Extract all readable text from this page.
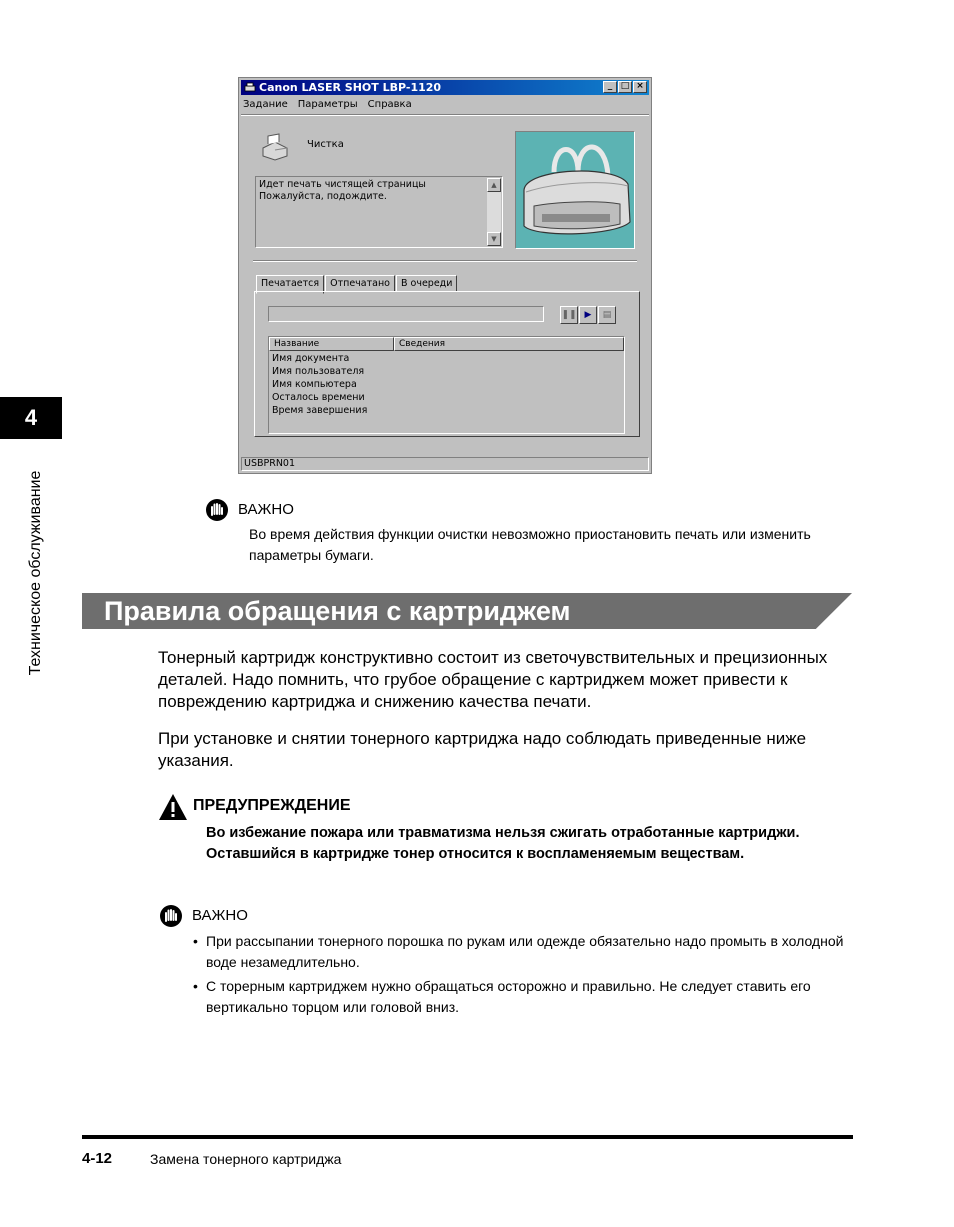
4
Техническое обслуживание
Canon LASER SHOT LBP-1120	_ □ ×
Задание Параметры Справка
Чистка
Идет печать чистящей страницы
Пожалуйста, подождите.
▲
▼
Печатается	Отпечатано	В очереди
❚❚ ▶	▤
Название	Сведения
Имя документа
Имя пользователя
Имя компьютера
Осталось времени
Время завершения
USBPRN01
ВАЖНО
Во время действия функции очистки невозможно приостановить печать или изменить параметры бумаги.
Правила обращения с картриджем
Тонерный картридж конструктивно состоит из светочувствительных и прецизионных деталей. Надо помнить, что грубое обращение с картриджем может привести к повреждению картриджа и снижению качества печати.
При установке и снятии тонерного картриджа надо соблюдать приведенные ниже указания.
ПРЕДУПРЕЖДЕНИЕ
Во избежание пожара или травматизма нельзя сжигать отработанные картриджи. Оставшийся в картридже тонер относится к воспламеняемым веществам.
ВАЖНО
• При рассыпании тонерного порошка по рукам или одежде обязательно надо промыть в холодной воде незамедлительно.
• С торерным картриджем нужно обращаться осторожно и правильно. Не следует ставить его вертикально торцом или головой вниз.
4-12	Замена тонерного картриджа
